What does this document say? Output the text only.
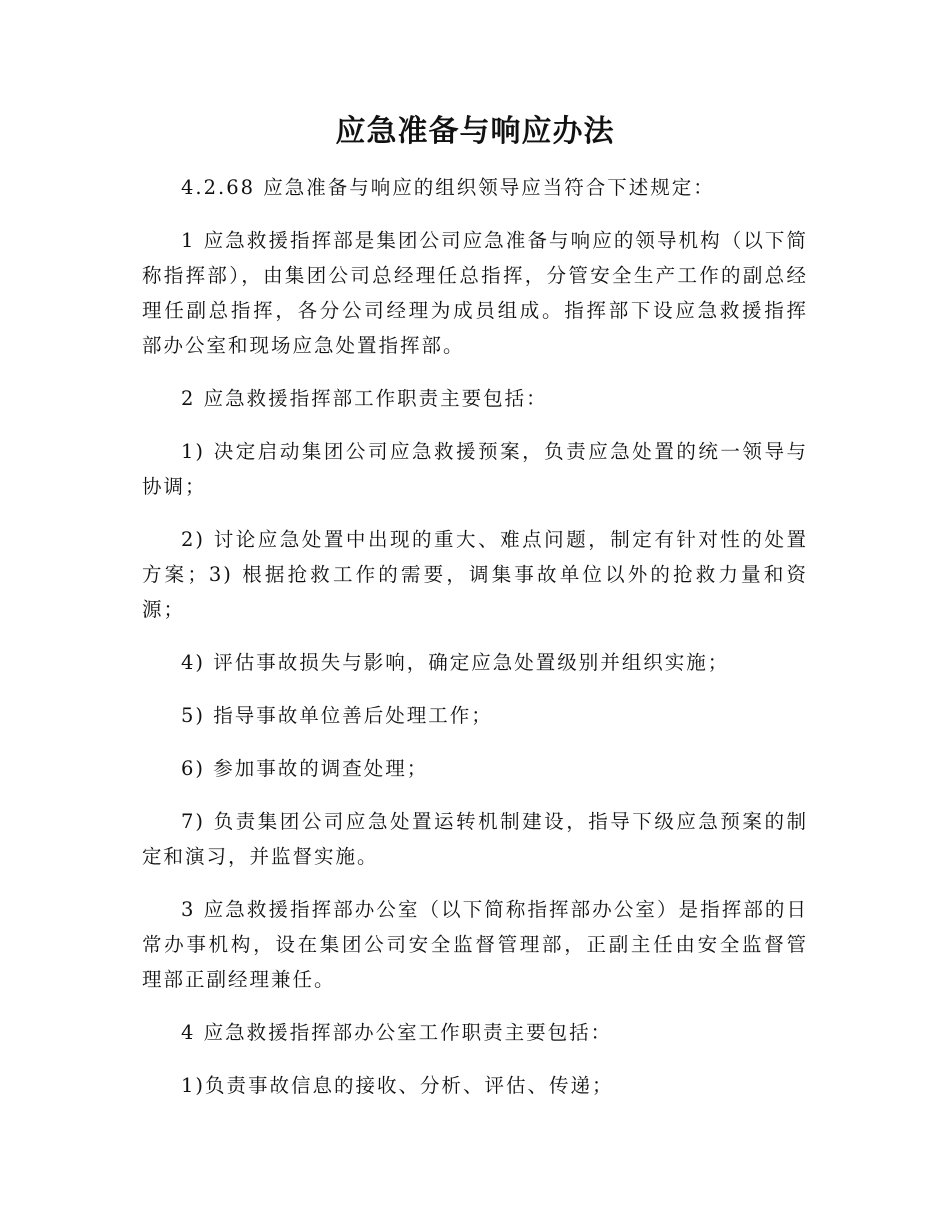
应急准备与响应办法

4.2.68 应急准备与响应的组织领导应当符合下述规定：

1 应急救援指挥部是集团公司应急准备与响应的领导机构（以下简称指挥部），由集团公司总经理任总指挥，分管安全生产工作的副总经理任副总指挥，各分公司经理为成员组成。指挥部下设应急救援指挥部办公室和现场应急处置指挥部。

2 应急救援指挥部工作职责主要包括：

1) 决定启动集团公司应急救援预案，负责应急处置的统一领导与协调；

2) 讨论应急处置中出现的重大、难点问题，制定有针对性的处置方案；3) 根据抢救工作的需要，调集事故单位以外的抢救力量和资源；

4) 评估事故损失与影响，确定应急处置级别并组织实施；

5) 指导事故单位善后处理工作；

6) 参加事故的调查处理；

7) 负责集团公司应急处置运转机制建设，指导下级应急预案的制定和演习，并监督实施。

3 应急救援指挥部办公室（以下简称指挥部办公室）是指挥部的日常办事机构，设在集团公司安全监督管理部，正副主任由安全监督管理部正副经理兼任。

4 应急救援指挥部办公室工作职责主要包括：

1)负责事故信息的接收、分析、评估、传递；
